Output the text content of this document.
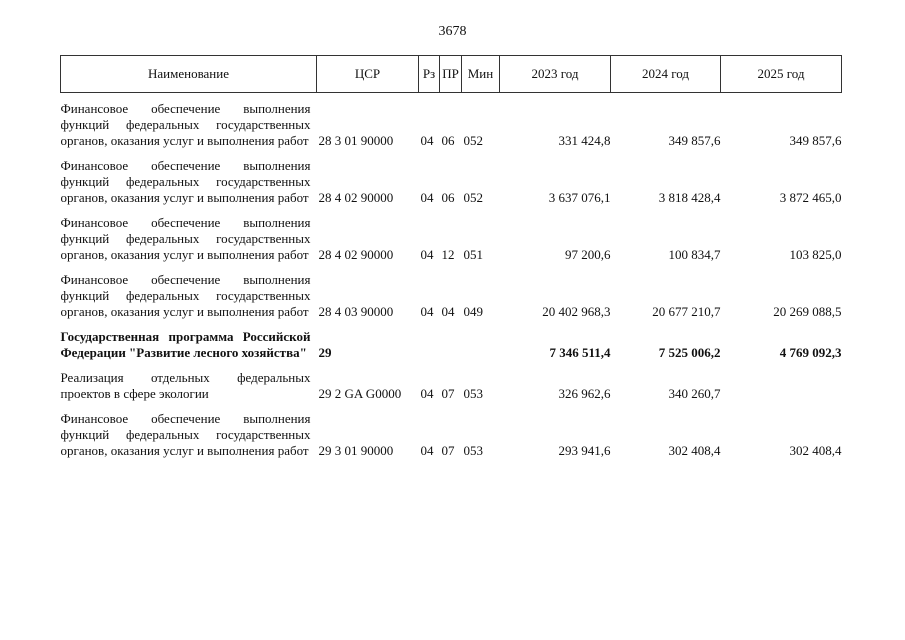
3678
Наименование	ЦСР	Рз	ПР	Мин	2023 год	2024 год	2025 год
Финансовое обеспечение выполнения функций федеральных государственных органов, оказания услуг и выполнения работ	28 3 01 90000	04	06	052	331 424,8	349 857,6	349 857,6
Финансовое обеспечение выполнения функций федеральных государственных органов, оказания услуг и выполнения работ	28 4 02 90000	04	06	052	3 637 076,1	3 818 428,4	3 872 465,0
Финансовое обеспечение выполнения функций федеральных государственных органов, оказания услуг и выполнения работ	28 4 02 90000	04	12	051	97 200,6	100 834,7	103 825,0
Финансовое обеспечение выполнения функций федеральных государственных органов, оказания услуг и выполнения работ	28 4 03 90000	04	04	049	20 402 968,3	20 677 210,7	20 269 088,5
Государственная программа Российской Федерации "Развитие лесного хозяйства"	29				7 346 511,4	7 525 006,2	4 769 092,3
Реализация отдельных федеральных проектов в сфере экологии	29 2 GA G0000	04	07	053	326 962,6	340 260,7	
Финансовое обеспечение выполнения функций федеральных государственных органов, оказания услуг и выполнения работ	29 3 01 90000	04	07	053	293 941,6	302 408,4	302 408,4
